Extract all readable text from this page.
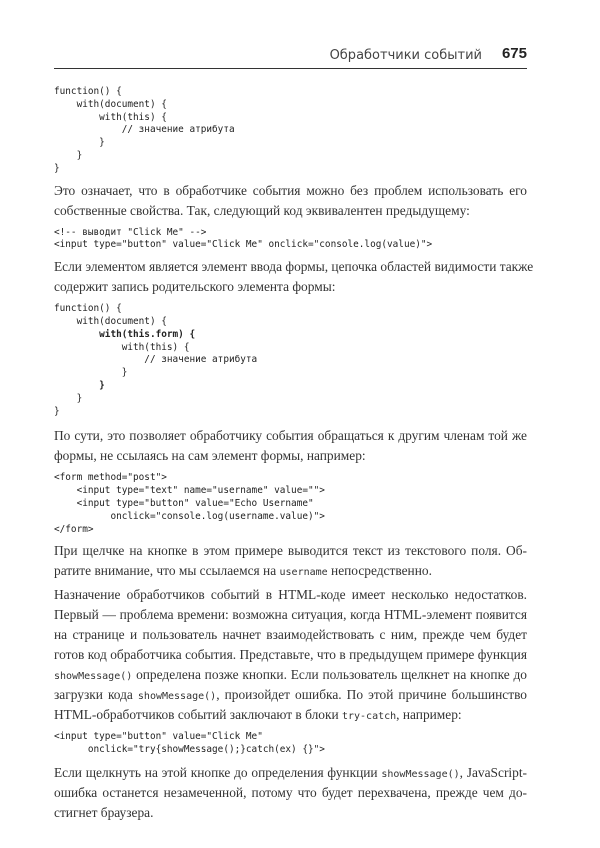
Обработчики событий 675
function() {
with(document) {
with(this) {
// значение атрибута
}
}
}
Это означает, что в обработчике события можно без проблем использовать его
собственные свойства. Так, следующий код эквивалентен предыдущему:
<!-- выводит "Click Me" -->
<input type="button" value="Click Me" onclick="console.log(value)">
Если элементом является элемент ввода формы, цепочка областей видимости также
содержит запись родительского элемента формы:
function() {
with(document) {
with(this.form) {
with(this) {
// значение атрибута
}
}
}
}
По сути, это позволяет обработчику события обращаться к другим членам той же
формы, не ссылаясь на сам элемент формы, например:
<form method="post">
<input type="text" name="username" value="">
<input type="button" value="Echo Username"
onclick="console.log(username.value)">
</form>
При щелчке на кнопке в этом примере выводится текст из текстового поля. Об-
ратите внимание, что мы ссылаемся на username непосредственно.
Назначение обработчиков событий в HTML-коде имеет несколько недостатков.
Первый — проблема времени: возможна ситуация, когда HTML-элемент появится
на странице и пользователь начнет взаимодействовать с ним, прежде чем будет
готов код обработчика события. Представьте, что в предыдущем примере функция
showMessage() определена позже кнопки. Если пользователь щелкнет на кнопке до
загрузки кода showMessage(), произойдет ошибка. По этой причине большинство
HTML-обработчиков событий заключают в блоки try-catch, например:
<input type="button" value="Click Me"
onclick="try{showMessage();}catch(ex) {}">
Если щелкнуть на этой кнопке до определения функции showMessage(), JavaScript-
ошибка останется незамеченной, потому что будет перехвачена, прежде чем до-
стигнет браузера.
